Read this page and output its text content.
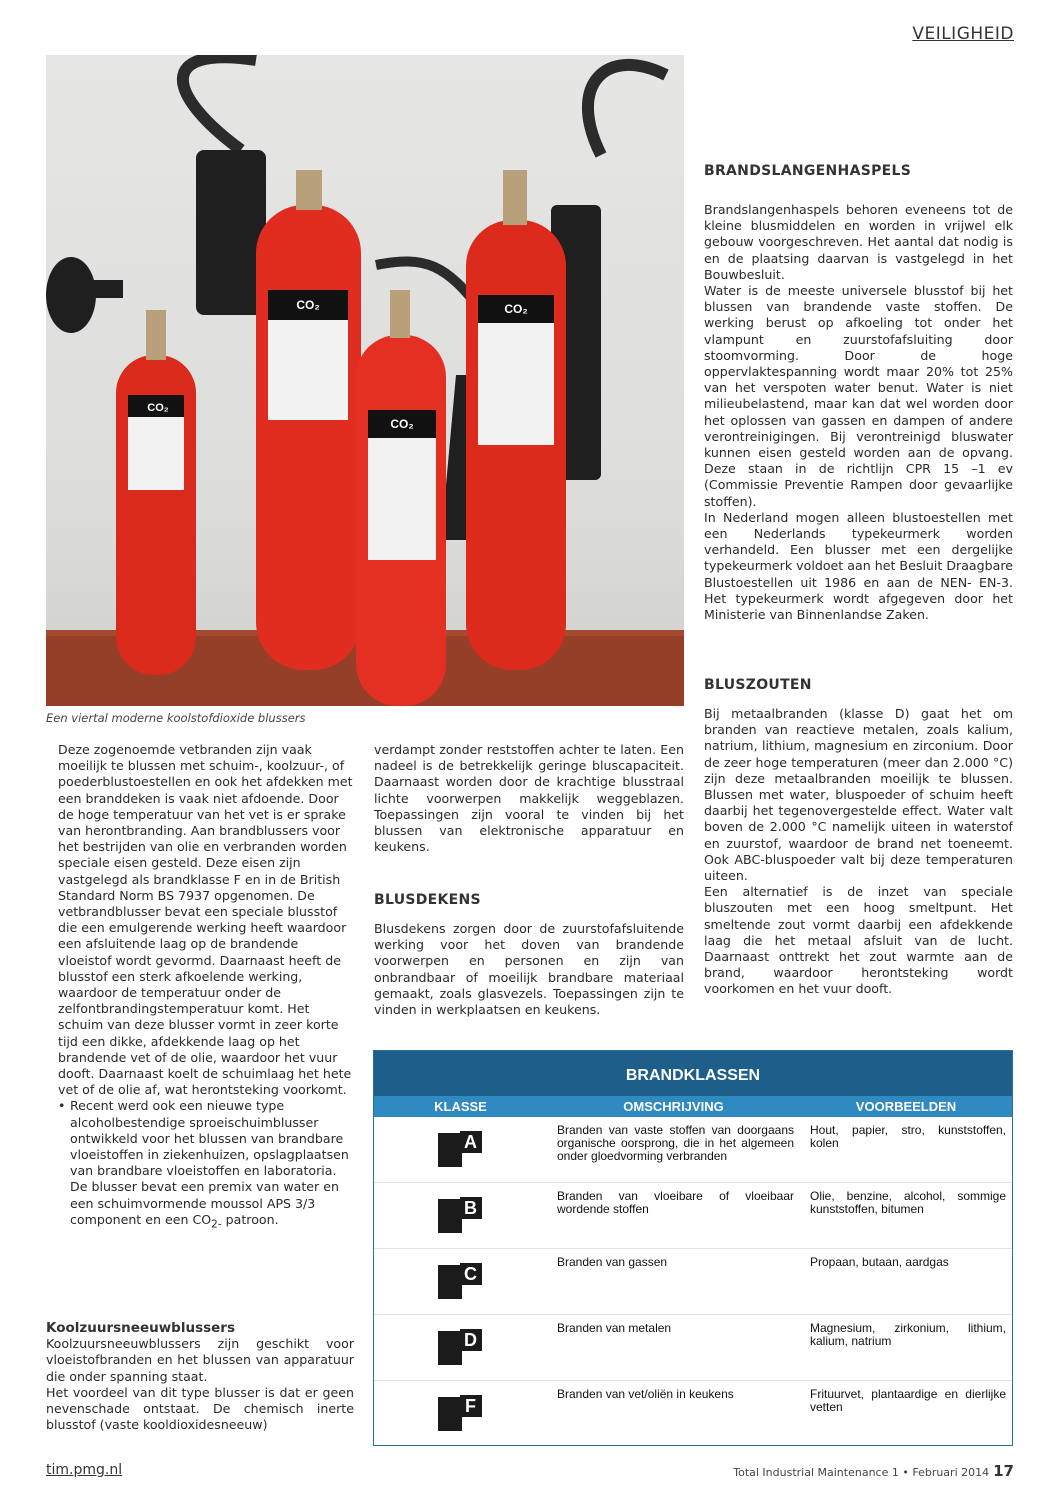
VEILIGHEID
CO₂
CO₂
CO₂
CO₂
Een viertal moderne koolstofdioxide blussers

Deze zogenoemde vetbranden zijn vaak moeilijk te blussen met schuim-, koolzuur-, of poederblustoestellen en ook het afdekken met een branddeken is vaak niet afdoende. Door de hoge temperatuur van het vet is er sprake van herontbranding. Aan brandblussers voor het bestrijden van olie en verbranden worden speciale eisen gesteld. Deze eisen zijn vastgelegd als brandklasse F en in de British Standard Norm BS 7937 opgenomen. De vetbrandblusser bevat een speciale blusstof die een emulgerende werking heeft waardoor een afsluitende laag op de brandende vloeistof wordt gevormd. Daarnaast heeft de blusstof een sterk afkoelende werking, waardoor de temperatuur onder de zelfontbrandingstemperatuur komt. Het schuim van deze blusser vormt in zeer korte tijd een dikke, afdekkende laag op het brandende vet of de olie, waardoor het vuur dooft. Daarnaast koelt de schuimlaag het hete vet of de olie af, wat herontsteking voorkomt.

• Recent werd ook een nieuwe type alcoholbestendige sproeischuimblusser ontwikkeld voor het blussen van brandbare vloeistoffen in ziekenhuizen, opslagplaatsen van brandbare vloeistoffen en laboratoria. De blusser bevat een premix van water en een schuimvormende moussol APS 3/3 component en een $CO_{2-}$ patroon.
Koolzuursneeuwblussers

Koolzuursneeuwblussers zijn geschikt voor vloeistofbranden en het blussen van apparatuur die onder spanning staat.

Het voordeel van dit type blusser is dat er geen nevenschade ontstaat. De chemisch inerte blusstof (vaste kooldioxidesneeuw)

verdampt zonder reststoffen achter te laten. Een nadeel is de betrekkelijk geringe bluscapaciteit. Daarnaast worden door de krachtige blusstraal lichte voorwerpen makkelijk weggeblazen. Toepassingen zijn vooral te vinden bij het blussen van elektronische apparatuur en keukens.

BLUSDEKENS

Blusdekens zorgen door de zuurstofafsluitende werking voor het doven van brandende voorwerpen en personen en zijn van onbrandbaar of moeilijk brandbare materiaal gemaakt, zoals glasvezels. Toepassingen zijn te vinden in werkplaatsen en keukens.

BRANDSLANGENHASPELS

Brandslangenhaspels behoren eveneens tot de kleine blusmiddelen en worden in vrijwel elk gebouw voorgeschreven. Het aantal dat nodig is en de plaatsing daarvan is vastgelegd in het Bouwbesluit.

Water is de meeste universele blusstof bij het blussen van brandende vaste stoffen. De werking berust op afkoeling tot onder het vlampunt en zuurstofafsluiting door stoomvorming. Door de hoge oppervlaktespanning wordt maar 20% tot 25% van het verspoten water benut. Water is niet milieubelastend, maar kan dat wel worden door het oplossen van gassen en dampen of andere verontreinigingen. Bij verontreinigd bluswater kunnen eisen gesteld worden aan de opvang. Deze staan in de richtlijn CPR 15 –1 ev (Commissie Preventie Rampen door gevaarlijke stoffen).

In Nederland mogen alleen blustoestellen met een Nederlands typekeurmerk worden verhandeld. Een blusser met een dergelijke typekeurmerk voldoet aan het Besluit Draagbare Blustoestellen uit 1986 en aan de NEN- EN-3. Het typekeurmerk wordt afgegeven door het Ministerie van Binnenlandse Zaken.

BLUSZOUTEN

Bij metaalbranden (klasse D) gaat het om branden van reactieve metalen, zoals kalium, natrium, lithium, magnesium en zirconium. Door de zeer hoge temperaturen (meer dan 2.000 °C) zijn deze metaalbranden moeilijk te blussen. Blussen met water, bluspoeder of schuim heeft daarbij het tegenovergestelde effect. Water valt boven de 2.000 °C namelijk uiteen in waterstof en zuurstof, waardoor de brand net toeneemt. Ook ABC-bluspoeder valt bij deze temperaturen uiteen.

Een alternatief is de inzet van speciale bluszouten met een hoog smeltpunt. Het smeltende zout vormt daarbij een afdekkende laag die het metaal afsluit van de lucht. Daarnaast onttrekt het zout warmte aan de brand, waardoor herontsteking wordt voorkomen en het vuur dooft.

BRANDKLASSEN
KLASSE	OMSCHRIJVING	VOORBEELDEN
A
Branden van vaste stoffen van doorgaans organische oorsprong, die in het algemeen onder gloedvorming verbranden
Hout, papier, stro, kunststoffen, kolen
B
Branden van vloeibare of vloeibaar wordende stoffen
Olie, benzine, alcohol, sommige kunststoffen, bitumen
C
Branden van gassen	Propaan, butaan, aardgas
D
Branden van metalen	Magnesium, zirkonium, lithium, kalium, natrium
F
Branden van vet/oliën in keukens	Frituurvet, plantaardige en dierlijke vetten
tim.pmg.nl	Total Industrial Maintenance 1 • Februari 2014 17
